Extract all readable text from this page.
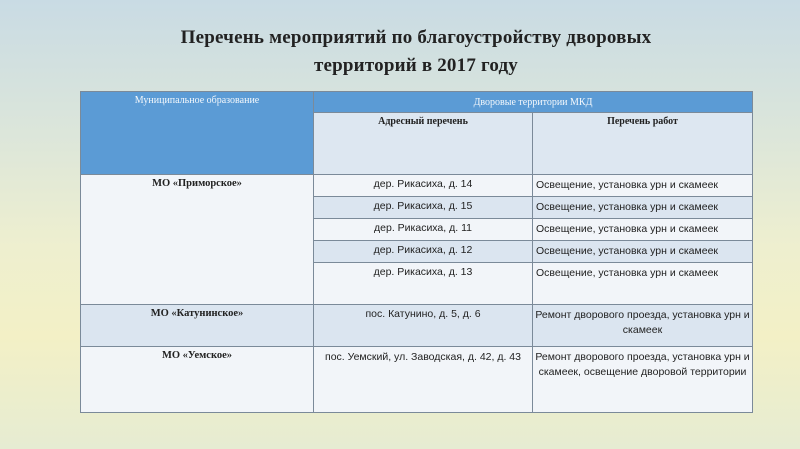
Перечень мероприятий по благоустройству дворовых
территорий в 2017 году
Муниципальное образование	Дворовые территории МКД	
	Адресный перечень	Перечень работ
МО «Приморское»	дер. Рикасиха, д. 14	Освещение, установка урн и скамеек
	дер. Рикасиха, д. 15	Освещение, установка урн и скамеек
	дер. Рикасиха, д. 11	Освещение, установка урн и скамеек
	дер. Рикасиха, д. 12	Освещение, установка урн и скамеек
	дер. Рикасиха, д. 13	Освещение, установка урн и скамеек
МО «Катунинское»	пос. Катунино, д. 5, д. 6	Ремонт дворового проезда, установка урн и скамеек
МО «Уемское»	пос. Уемский, ул. Заводская, д. 42, д. 43	Ремонт дворового проезда, установка урн и скамеек, освещение дворовой территории
